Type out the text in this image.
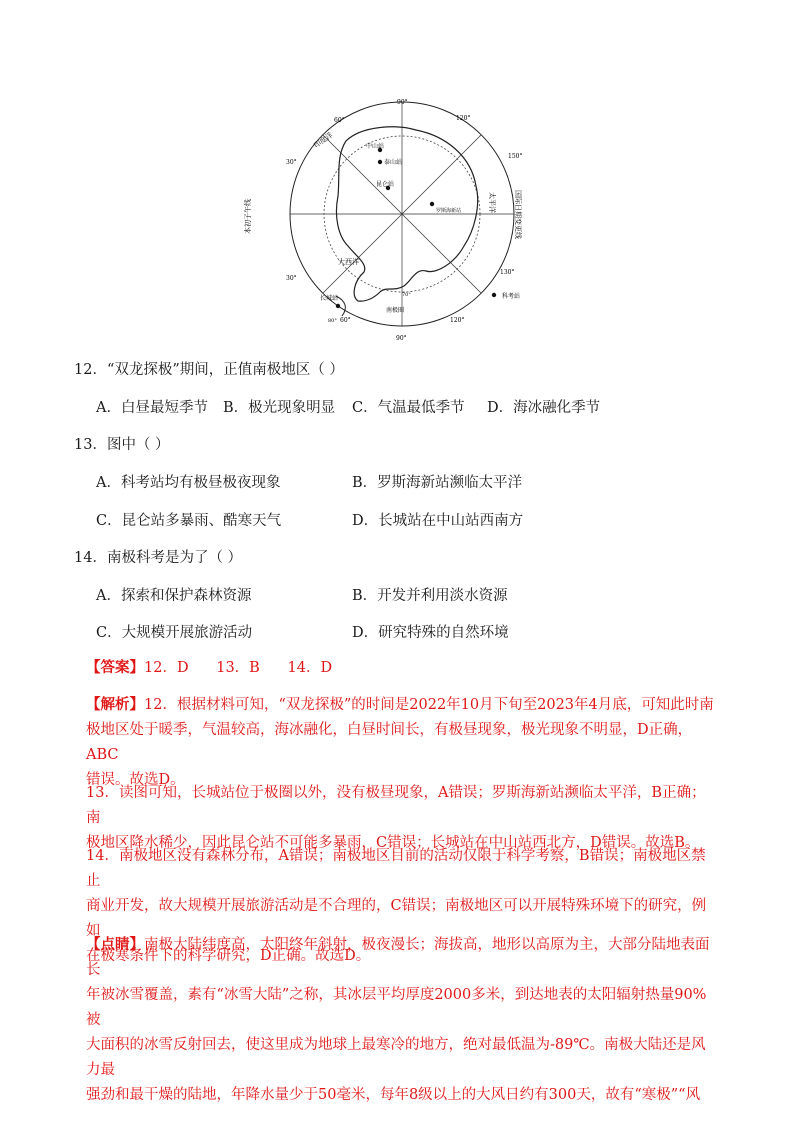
90°
60°	120°
30°
150°
30°
130°
60°	120°
90°
80°
70°
印度洋
太平洋
大西洋
南极圈
本初子午线	国际日期变更线
中山站
泰山站
昆仑站
罗斯海新站
长城站	科考站
12．“双龙探极”期间，正值南极地区（ ）
A．白昼最短季节 B．极光现象明显 C．气温最低季节 D．海冰融化季节
13．图中（ ）
A．科考站均有极昼极夜现象	B．罗斯海新站濒临太平洋
C．昆仑站多暴雨、酷寒天气	D．长城站在中山站西南方
14．南极科考是为了（ ）
A．探索和保护森林资源	B．开发并利用淡水资源
C．大规模开展旅游活动	D．研究特殊的自然环境
【答案】12．D      13．B      14．D
【解析】12．根据材料可知，“双龙探极”的时间是2022年10月下旬至2023年4月底，可知此时南
极地区处于暖季，气温较高，海冰融化，白昼时间长，有极昼现象，极光现象不明显，D正确，ABC
错误。故选D。
13．读图可知，长城站位于极圈以外，没有极昼现象，A错误；罗斯海新站濒临太平洋，B正确；南
极地区降水稀少，因此昆仑站不可能多暴雨，C错误；长城站在中山站西北方，D错误。故选B。
14．南极地区没有森林分布，A错误；南极地区目前的活动仅限于科学考察，B错误；南极地区禁止
商业开发，故大规模开展旅游活动是不合理的，C错误；南极地区可以开展特殊环境下的研究，例如
在极寒条件下的科学研究，D正确。故选D。
【点睛】南极大陆纬度高，太阳终年斜射，极夜漫长；海拔高，地形以高原为主，大部分陆地表面长
年被冰雪覆盖，素有“冰雪大陆”之称，其冰层平均厚度2000多米，到达地表的太阳辐射热量90%被
大面积的冰雪反射回去，使这里成为地球上最寒冷的地方，绝对最低温为-89℃。南极大陆还是风力最
强劲和最干燥的陆地，年降水量少于50毫米，每年8级以上的大风日约有300天，故有“寒极”“风
